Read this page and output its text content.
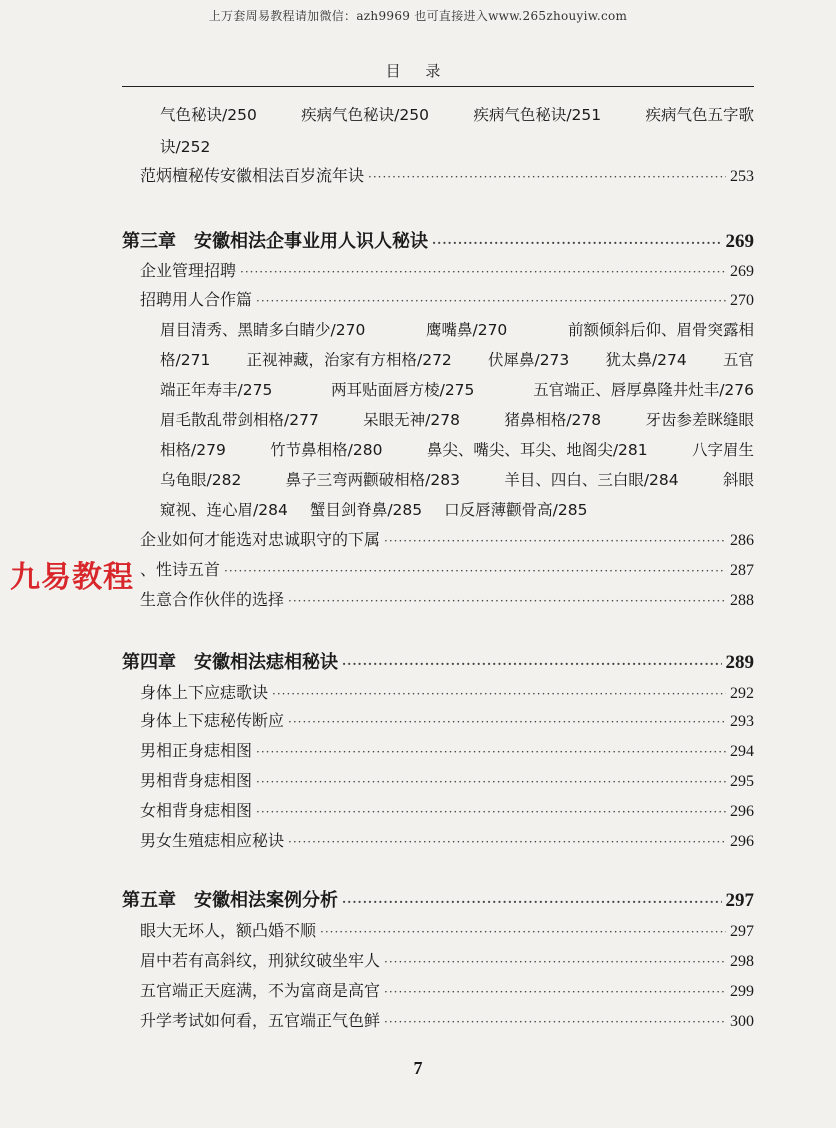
上万套周易教程请加微信：azh9969 也可直接进入www.265zhouyiw.com
目 录
气色秘诀/250	疾病气色秘诀/250	疾病气色秘诀/251	疾病气色五字歌
诀/252
范炳檀秘传安徽相法百岁流年诀 ·····	253
第三章　安徽相法企事业用人识人秘诀 ·····	269
企业管理招聘 ·····	269
招聘用人合作篇 ·····	270
眉目清秀、黑睛多白睛少/270	鹰嘴鼻/270	前额倾斜后仰、眉骨突露相
格/271 正视神藏，治家有方相格/272 伏犀鼻/273 犹太鼻/274 五官
端正年寿丰/275	两耳贴面唇方棱/275	五官端正、唇厚鼻隆井灶丰/276
眉毛散乱带剑相格/277	呆眼无神/278	猪鼻相格/278	牙齿参差眯缝眼
相格/279	竹节鼻相格/280	鼻尖、嘴尖、耳尖、地阁尖/281	八字眉生
乌龟眼/282	鼻子三弯两颧破相格/283	羊目、四白、三白眼/284	斜眼
窥视、连心眉/284 蟹目剑脊鼻/285 口反唇薄颧骨高/285
企业如何才能选对忠诚职守的下属 ·····	286
、性诗五首 ·····	287
生意合作伙伴的选择 ·····	288
九易教程
第四章　安徽相法痣相秘诀 ·····	289
身体上下应痣歌诀 ·····	292
身体上下痣秘传断应 ·····	293
男相正身痣相图 ·····	294
男相背身痣相图 ·····	295
女相背身痣相图 ·····	296
男女生殖痣相应秘诀 ·····	296
第五章　安徽相法案例分析 ·····	297
眼大无坏人，额凸婚不顺 ·····	297
眉中若有高斜纹，刑狱纹破坐牢人 ·····	298
五官端正天庭满，不为富商是高官 ·····	299
升学考试如何看，五官端正气色鲜 ·····	300
7
